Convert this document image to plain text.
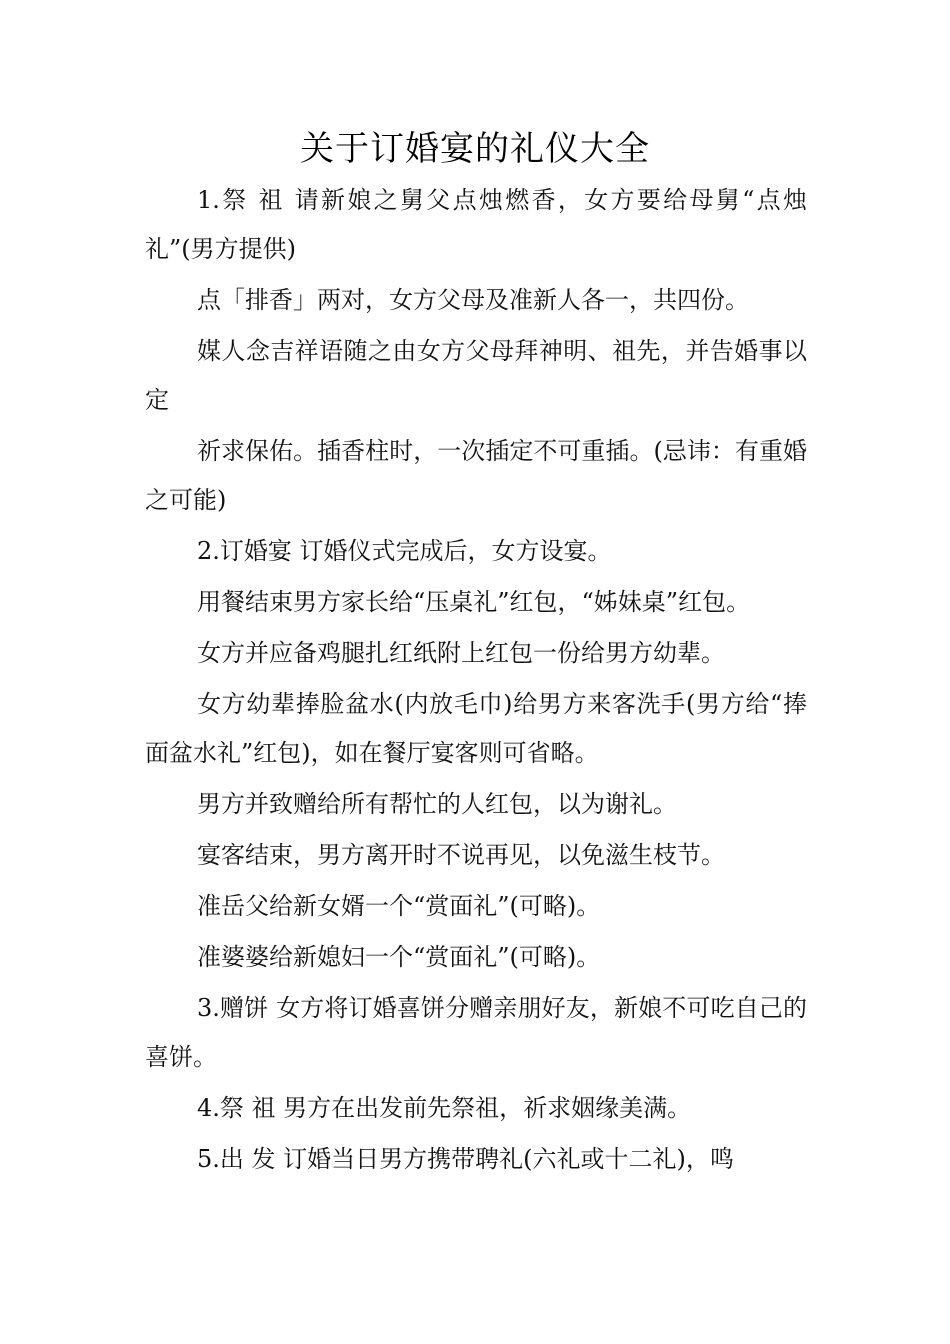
关于订婚宴的礼仪大全

1.祭 祖 请新娘之舅父点烛燃香，女方要给母舅“点烛礼”(男方提供)

点「排香」两对，女方父母及准新人各一，共四份。

媒人念吉祥语随之由女方父母拜神明、祖先，并告婚事以定

祈求保佑。插香柱时，一次插定不可重插。(忌讳：有重婚之可能)

2.订婚宴 订婚仪式完成后，女方设宴。

用餐结束男方家长给“压桌礼”红包，“姊妹桌”红包。

女方并应备鸡腿扎红纸附上红包一份给男方幼辈。

女方幼辈捧脸盆水(内放毛巾)给男方来客洗手(男方给“捧面盆水礼”红包)，如在餐厅宴客则可省略。

男方并致赠给所有帮忙的人红包，以为谢礼。

宴客结束，男方离开时不说再见，以免滋生枝节。

准岳父给新女婿一个“赏面礼”(可略)。

准婆婆给新媳妇一个“赏面礼”(可略)。

3.赠饼 女方将订婚喜饼分赠亲朋好友，新娘不可吃自己的喜饼。

4.祭 祖 男方在出发前先祭祖，祈求姻缘美满。

5.出 发 订婚当日男方携带聘礼(六礼或十二礼)，鸣
